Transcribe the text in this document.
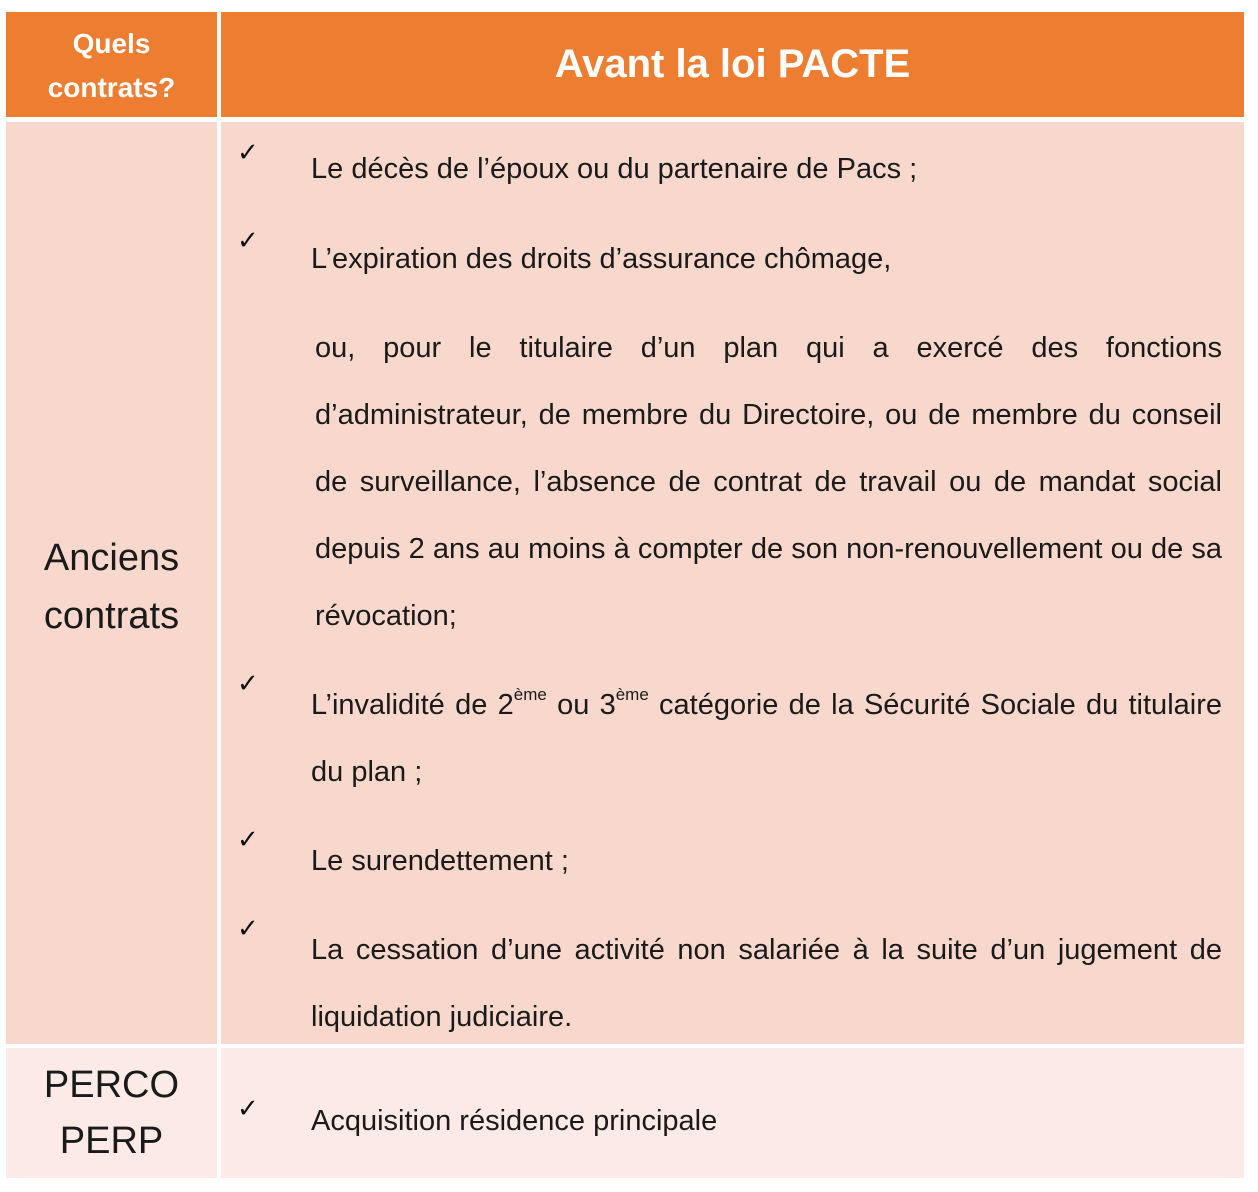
Quels contrats?
Avant la loi PACTE
Anciens contrats
✓ Le décès de l’époux ou du partenaire de Pacs ;
✓
L’expiration des droits d’assurance chômage,
ou, pour le titulaire d’un plan qui a exercé des fonctions d’administrateur, de membre du Directoire, ou de membre du conseil de surveillance, l’absence de contrat de travail ou de mandat social depuis 2 ans au moins à compter de son non-renouvellement ou de sa révocation;
✓
L’invalidité de 2ème ou 3ème catégorie de la Sécurité Sociale du titulaire du plan ;
✓
Le surendettement ;
✓
La cessation d’une activité non salariée à la suite d’un jugement de liquidation judiciaire.
PERCO
PERP
✓ Acquisition résidence principale
